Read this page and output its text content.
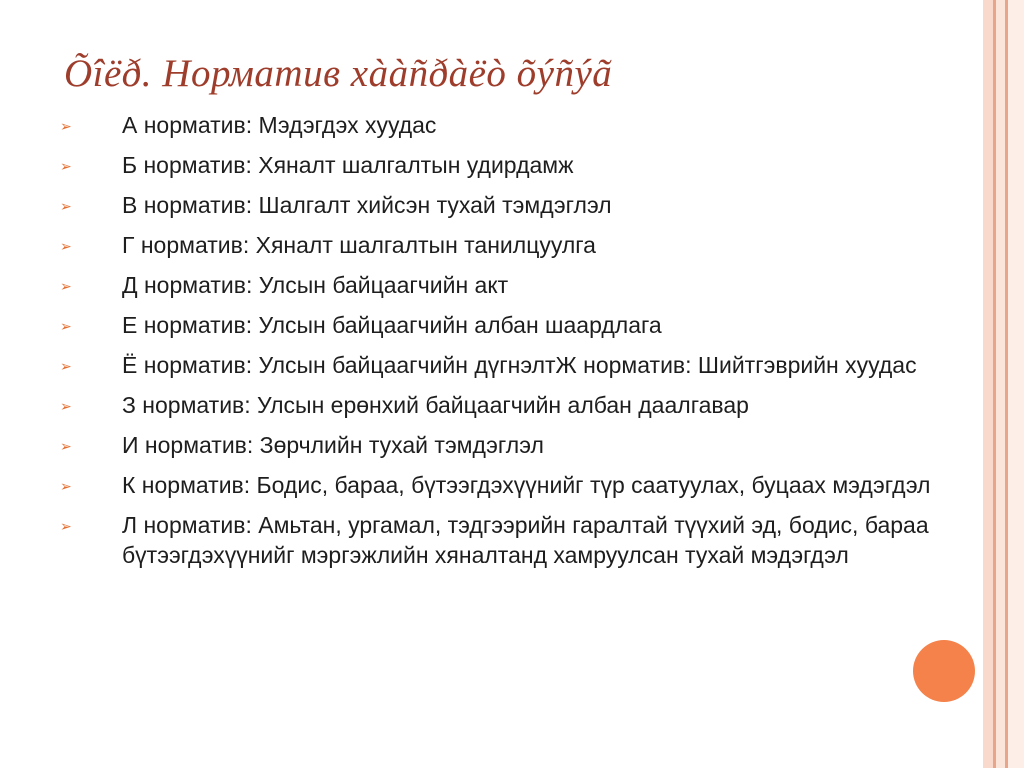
Õîëð. Норматив хààñðàëò õýñýã
➢ А норматив: Мэдэгдэх хуудас
➢ Б норматив: Хяналт шалгалтын удирдамж
➢ В норматив: Шалгалт хийсэн тухай тэмдэглэл
➢ Г норматив: Хяналт шалгалтын танилцуулга
➢ Д норматив: Улсын байцаагчийн акт
➢ Е норматив: Улсын байцаагчийн албан шаардлага
➢ Ё норматив: Улсын байцаагчийн дүгнэлтЖ норматив: Шийтгэврийн хуудас
➢ З норматив: Улсын ерөнхий байцаагчийн албан даалгавар
➢ И норматив: Зөрчлийн тухай тэмдэглэл
➢ К норматив: Бодис, бараа, бүтээгдэхүүнийг түр саатуулах, буцаах мэдэгдэл
➢ Л норматив: Амьтан, ургамал, тэдгээрийн гаралтай түүхий эд, бодис, бараа бүтээгдэхүүнийг мэргэжлийн хяналтанд хамруулсан тухай мэдэгдэл
